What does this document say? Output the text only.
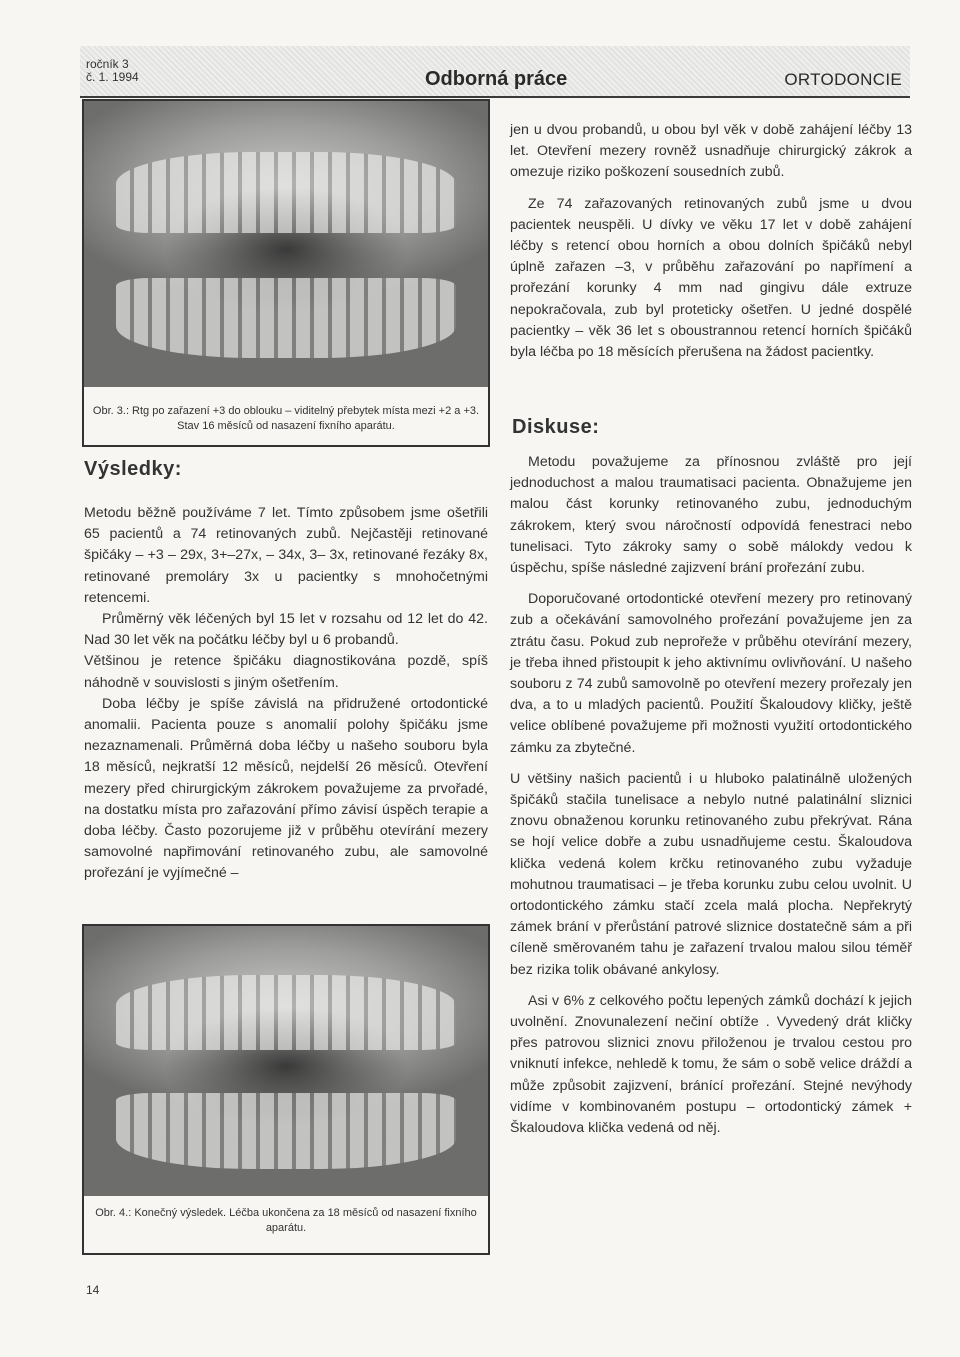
ročník 3
č. 1. 1994	Odborná práce	ORTODONCIE
Obr. 3.: Rtg po zařazení +3 do oblouku – viditelný přebytek místa mezi +2 a +3. Stav 16 měsíců od nasazení fixního aparátu.
Výsledky:

Metodu běžně používáme 7 let. Tímto způsobem jsme ošetřili 65 pacientů a 74 retinovaných zubů. Nejčastěji retinované špičáky – +3 – 29x, 3+–27x, – 34x, 3– 3x, retinované řezáky 8x, retinované premoláry 3x u pacientky s mnohočetnými retencemi.

Průměrný věk léčených byl 15 let v rozsahu od 12 let do 42. Nad 30 let věk na počátku léčby byl u 6 probandů.

Většinou je retence špičáku diagnostikována pozdě, spíš náhodně v souvislosti s jiným ošetřením.

Doba léčby je spíše závislá na přidružené ortodontické anomalii. Pacienta pouze s anomalií polohy špičáku jsme nezaznamenali. Průměrná doba léčby u našeho souboru byla 18 měsíců, nejkratší 12 měsíců, nejdelší 26 měsíců. Otevření mezery před chirurgickým zákrokem považujeme za prvořadé, na dostatku místa pro zařazování přímo závisí úspěch terapie a doba léčby. Často pozorujeme již v průběhu otevírání mezery samovolné napřimování retinovaného zubu, ale samovolné prořezání je vyjímečné –

Obr. 4.: Konečný výsledek. Léčba ukončena za 18 měsíců od nasazení fixního aparátu.

jen u dvou probandů, u obou byl věk v době zahájení léčby 13 let. Otevření mezery rovněž usnadňuje chirurgický zákrok a omezuje riziko poškození sousedních zubů.

Ze 74 zařazovaných retinovaných zubů jsme u dvou pacientek neuspěli. U dívky ve věku 17 let v době zahájení léčby s retencí obou horních a obou dolních špičáků nebyl úplně zařazen –3, v průběhu zařazování po napřímení a prořezání korunky 4 mm nad gingivu dále extruze nepokračovala, zub byl proteticky ošetřen. U jedné dospělé pacientky – věk 36 let s oboustrannou retencí horních špičáků byla léčba po 18 měsících přerušena na žádost pacientky.

Diskuse:

Metodu považujeme za přínosnou zvláště pro její jednoduchost a malou traumatisaci pacienta. Obnažujeme jen malou část korunky retinovaného zubu, jednoduchým zákrokem, který svou náročností odpovídá fenestraci nebo tunelisaci. Tyto zákroky samy o sobě málokdy vedou k úspěchu, spíše následné zajizvení brání prořezání zubu.

Doporučované ortodontické otevření mezery pro retinovaný zub a očekávání samovolného prořezání považujeme jen za ztrátu času. Pokud zub neprořeže v průběhu otevírání mezery, je třeba ihned přistoupit k jeho aktivnímu ovlivňování. U našeho souboru z 74 zubů samovolně po otevření mezery prořezaly jen dva, a to u mladých pacientů. Použití Škaloudovy kličky, ještě velice oblíbené považujeme při možnosti využití ortodontického zámku za zbytečné.

U většiny našich pacientů i u hluboko palatinálně uložených špičáků stačila tunelisace a nebylo nutné palatinální sliznici znovu obnaženou korunku retinovaného zubu překrývat. Rána se hojí velice dobře a zubu usnadňujeme cestu. Škaloudova klička vedená kolem krčku retinovaného zubu vyžaduje mohutnou traumatisaci – je třeba korunku zubu celou uvolnit. U ortodontického zámku stačí zcela malá plocha. Nepřekrytý zámek brání v přerůstání patrové sliznice dostatečně sám a při cíleně směrovaném tahu je zařazení trvalou malou silou téměř bez rizika tolik obávané ankylosy.

Asi v 6% z celkového počtu lepených zámků dochází k jejich uvolnění. Znovunalezení nečiní obtíže . Vyvedený drát kličky přes patrovou sliznici znovu přiloženou je trvalou cestou pro vniknutí infekce, nehledě k tomu, že sám o sobě velice dráždí a může způsobit zajizvení, bránící prořezání. Stejné nevýhody vidíme v kombinovaném postupu – ortodontický zámek + Škaloudova klička vedená od něj.

14
